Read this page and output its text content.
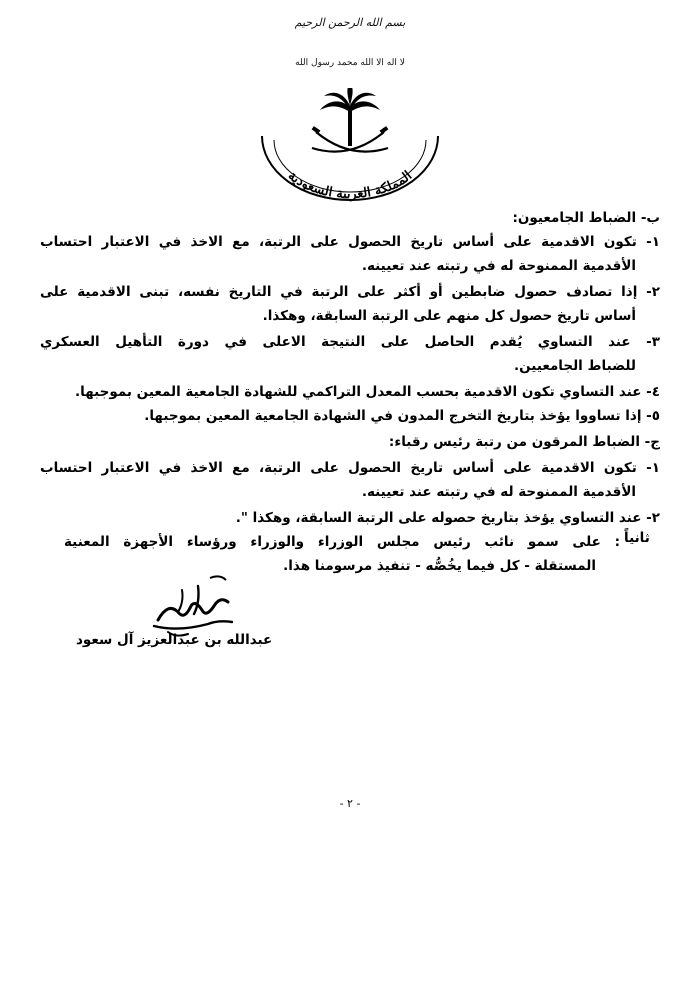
بسم الله الرحمن الرحيم
لا اله الا الله محمد رسول الله
المملكة العربية السعودية
ب- الضباط الجامعيون:
١- تكون الاقدمية على أساس تاريخ الحصول على الرتبة، مع الاخذ في الاعتبار احتساب
الأقدمية الممنوحة له في رتبته عند تعيينه.
٢- إذا تصادف حصول ضابطين أو أكثر على الرتبة في التاريخ نفسه، تبنى الاقدمية على
أساس تاريخ حصول كل منهم على الرتبة السابقة، وهكذا.
٣- عند التساوي يُقدم الحاصل على النتيجة الاعلى في دورة التأهيل العسكري
للضباط الجامعيين.
٤- عند التساوي تكون الاقدمية بحسب المعدل التراكمي للشهادة الجامعية المعين بموجبها.
٥- إذا تساووا يؤخذ بتاريخ التخرج المدون في الشهادة الجامعية المعين بموجبها.
ج- الضباط المرقون من رتبة رئيس رقباء:
١- تكون الاقدمية على أساس تاريخ الحصول على الرتبة، مع الاخذ في الاعتبار احتساب
الأقدمية الممنوحة له في رتبته عند تعيينه.
٢- عند التساوي يؤخذ بتاريخ حصوله على الرتبة السابقة، وهكذا ".
ثانياً
: على سمو نائب رئيس مجلس الوزراء والوزراء ورؤساء الأجهزة المعنية
المستقلة - كل فيما يخُصُّه - تنفيذ مرسومنا هذا.
عبدالله بن عبدالعزيز آل سعود
- ٢ -
